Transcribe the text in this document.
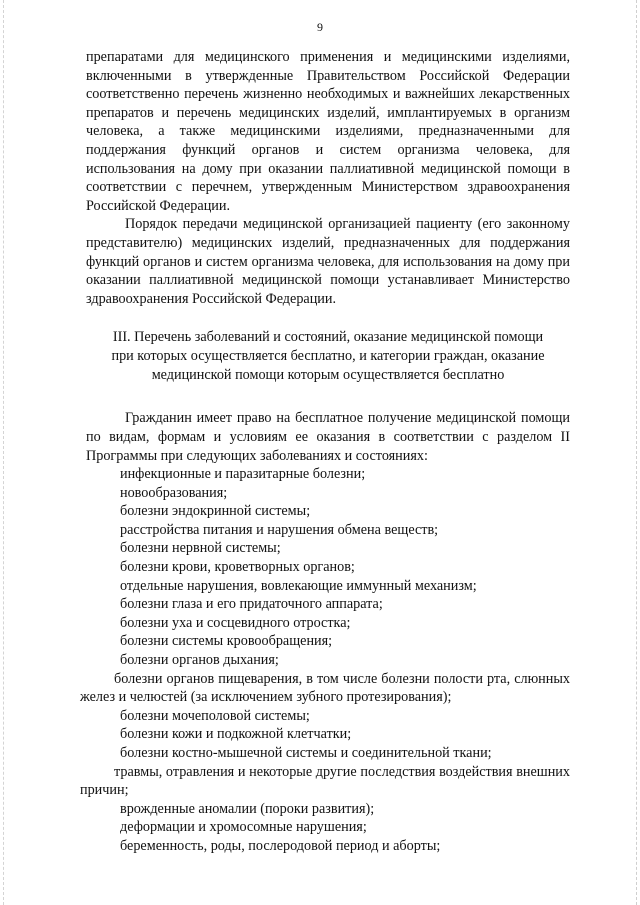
9

препаратами для медицинского применения и медицинскими изделиями, включенными в утвержденные Правительством Российской Федерации соответственно перечень жизненно необходимых и важнейших лекарственных препаратов и перечень медицинских изделий, имплантируемых в организм человека, а также медицинскими изделиями, предназначенными для поддержания функций органов и систем организма человека, для использования на дому при оказании паллиативной медицинской помощи в соответствии с перечнем, утвержденным Министерством здравоохранения Российской Федерации.

Порядок передачи медицинской организацией пациенту (его законному представителю) медицинских изделий, предназначенных для поддержания функций органов и систем организма человека, для использования на дому при оказании паллиативной медицинской помощи устанавливает Министерство здравоохранения Российской Федерации.

III. Перечень заболеваний и состояний, оказание медицинской помощи
при которых осуществляется бесплатно, и категории граждан, оказание
медицинской помощи которым осуществляется бесплатно

Гражданин имеет право на бесплатное получение медицинской помощи по видам, формам и условиям ее оказания в соответствии с разделом II Программы при следующих заболеваниях и состояниях:

инфекционные и паразитарные болезни;
новообразования;
болезни эндокринной системы;
расстройства питания и нарушения обмена веществ;
болезни нервной системы;
болезни крови, кроветворных органов;
отдельные нарушения, вовлекающие иммунный механизм;
болезни глаза и его придаточного аппарата;
болезни уха и сосцевидного отростка;
болезни системы кровообращения;
болезни органов дыхания;
болезни органов пищеварения, в том числе болезни полости рта, слюнных желез и челюстей (за исключением зубного протезирования);
болезни мочеполовой системы;
болезни кожи и подкожной клетчатки;
болезни костно-мышечной системы и соединительной ткани;
травмы, отравления и некоторые другие последствия воздействия внешних причин;
врожденные аномалии (пороки развития);
деформации и хромосомные нарушения;
беременность, роды, послеродовой период и аборты;
